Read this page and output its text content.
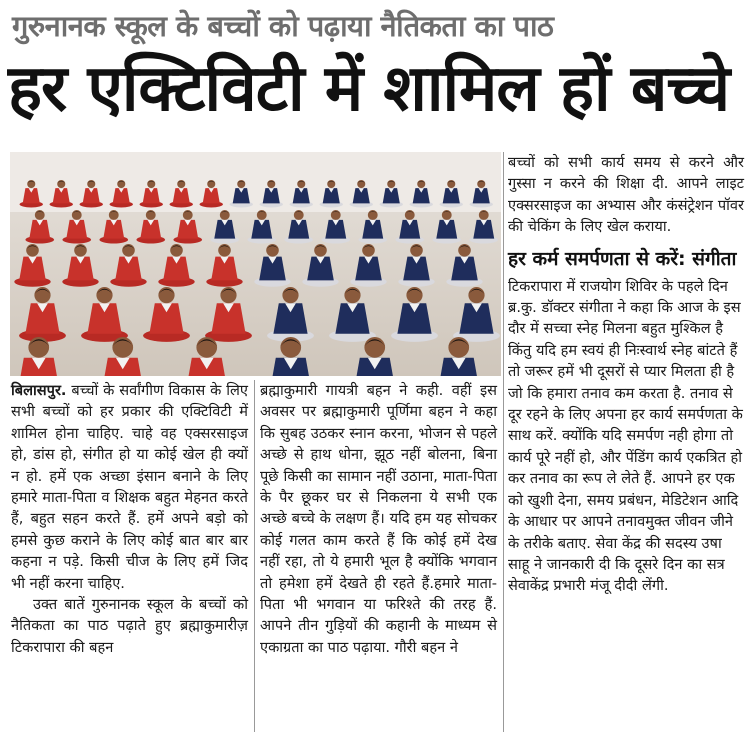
गुरुनानक स्कूल के बच्चों को पढ़ाया नैतिकता का पाठ
हर एक्टिविटी में शामिल हों बच्चे

बिलासपुर. बच्चों के सर्वांगीण विकास के लिए सभी बच्चों को हर प्रकार की एक्टिविटी में शामिल होना चाहिए. चाहे वह एक्सरसाइज हो, डांस हो, संगीत हो या कोई खेल ही क्यों न हो. हमें एक अच्छा इंसान बनाने के लिए हमारे माता-पिता व शिक्षक बहुत मेहनत करते हैं, बहुत सहन करते हैं. हमें अपने बड़ो को हमसे कुछ कराने के लिए कोई बात बार बार कहना न पड़े. किसी चीज के लिए हमें जिद भी नहीं करना चाहिए.

उक्त बातें गुरुनानक स्कूल के बच्चों को नैतिकता का पाठ पढ़ाते हुए ब्रह्माकुमारीज़ टिकरापारा की बहन

ब्रह्माकुमारी गायत्री बहन ने कही. वहीं इस अवसर पर ब्रह्माकुमारी पूर्णिमा बहन ने कहा कि सुबह उठकर स्नान करना, भोजन से पहले अच्छे से हाथ धोना, झूठ नहीं बोलना, बिना पूछे किसी का सामान नहीं उठाना, माता-पिता के पैर छूकर घर से निकलना ये सभी एक अच्छे बच्चे के लक्षण हैं। यदि हम यह सोचकर कोई गलत काम करते हैं कि कोई हमें देख नहीं रहा, तो ये हमारी भूल है क्योंकि भगवान तो हमेशा हमें देखते ही रहते हैं.हमारे माता-पिता भी भगवान या फरिश्ते की तरह हैं. आपने तीन गुड़ियों की कहानी के माध्यम से एकाग्रता का पाठ पढ़ाया. गौरी बहन ने

बच्चों को सभी कार्य समय से करने और गुस्सा न करने की शिक्षा दी. आपने लाइट एक्सरसाइज का अभ्यास और कंसंट्रेशन पॉवर की चेकिंग के लिए खेल कराया.

हर कर्म समर्पणता से करें: संगीता

टिकरापारा में राजयोग शिविर के पहले दिन ब्र.कु. डॉक्टर संगीता ने कहा कि आज के इस दौर में सच्चा स्नेह मिलना बहुत मुश्किल है किंतु यदि हम स्वयं ही निःस्वार्थ स्नेह बांटते हैं तो जरूर हमें भी दूसरों से प्यार मिलता ही है जो कि हमारा तनाव कम करता है. तनाव से दूर रहने के लिए अपना हर कार्य समर्पणता के साथ करें. क्योंकि यदि समर्पण नही होगा तो कार्य पूरे नहीं हो, और पेंडिंग कार्य एकत्रित हो कर तनाव का रूप ले लेते हैं. आपने हर एक को खुशी देना, समय प्रबंधन, मेडिटेशन आदि के आधार पर आपने तनावमुक्त जीवन जीने के तरीके बताए. सेवा केंद्र की सदस्य उषा साहू ने जानकारी दी कि दूसरे दिन का सत्र सेवाकेंद्र प्रभारी मंजू दीदी लेंगी.
